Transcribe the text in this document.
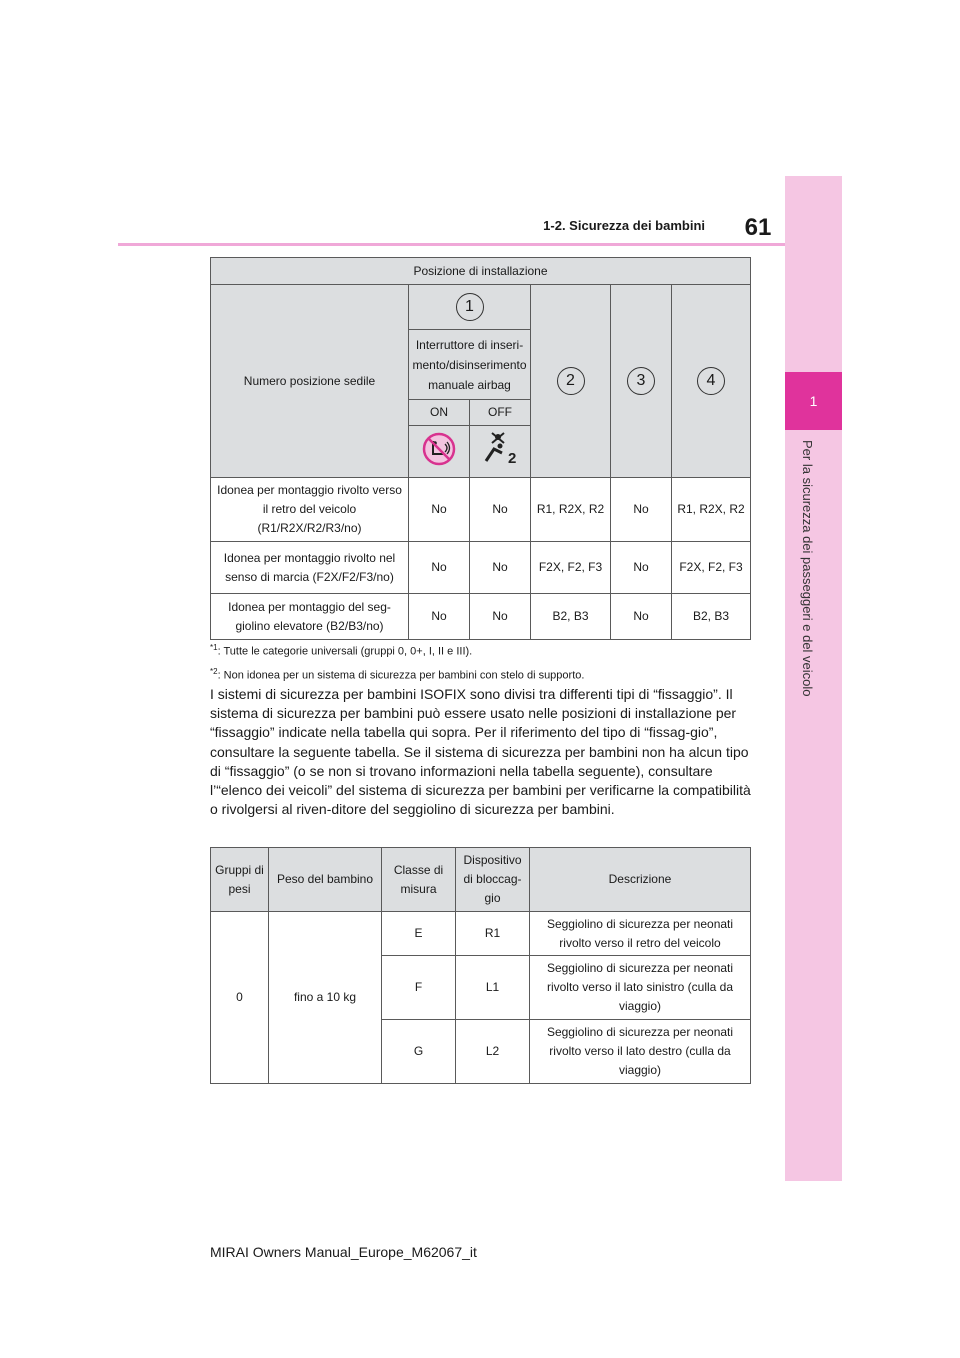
61
1-2. Sicurezza dei bambini
1
Per la sicurezza dei passeggeri e del veicolo
Posizione di installazione					
Numero posizione sedile	1		2	3	4
	Interruttore di inseri-mento/disinserimento manuale airbag				
	ON	OFF			

2			

Idonea per montaggio rivolto verso il retro del veicolo (R1/R2X/R2/R3/no)	No	No	R1, R2X, R2	No	R1, R2X, R2
Idonea per montaggio rivolto nel senso di marcia (F2X/F2/F3/no)	No	No	F2X, F2, F3	No	F2X, F2, F3
Idonea per montaggio del seg-giolino elevatore (B2/B3/no)	No	No	B2, B3	No	B2, B3
$^{*1}$: Tutte le categorie universali (gruppi 0, 0+, I, II e III).
$^{*2}$: Non idonea per un sistema di sicurezza per bambini con stelo di supporto.
I sistemi di sicurezza per bambini ISOFIX sono divisi tra differenti tipi di “fissaggio”. Il sistema di sicurezza per bambini può essere usato nelle posizioni di installazione per “fissaggio” indicate nella tabella qui sopra. Per il riferimento del tipo di “fissag-gio”, consultare la seguente tabella. Se il sistema di sicurezza per bambini non ha alcun tipo di “fissaggio” (o se non si trovano informazioni nella tabella seguente), consultare l’“elenco dei veicoli” del sistema di sicurezza per bambini per verificarne la compatibilità o rivolgersi al riven-ditore del seggiolino di sicurezza per bambini.
Gruppi di pesi	Peso del bambino	Classe di misura	Dispositivo di bloccag-gio	Descrizione
0	fino a 10 kg	E	R1	Seggiolino di sicurezza per neonati rivolto verso il retro del veicolo
		F	L1	Seggiolino di sicurezza per neonati rivolto verso il lato sinistro (culla da viaggio)
		G	L2	Seggiolino di sicurezza per neonati rivolto verso il lato destro (culla da viaggio)
MIRAI Owners Manual_Europe_M62067_it
